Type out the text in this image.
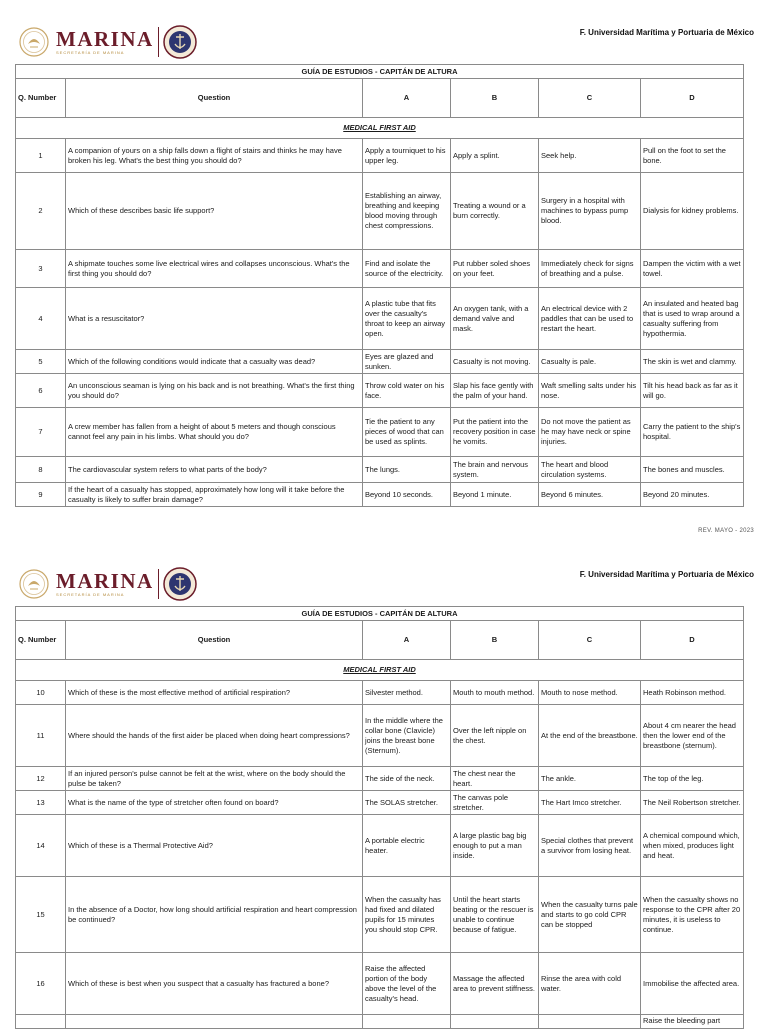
MARINA
SECRETARÍA DE MARINA
F. Universidad Marítima y Portuaria de México
GUÍA DE ESTUDIOS - CAPITÁN DE ALTURA					
Q. Number	Question	A	B	C	D
MEDICAL FIRST AID					
1	A companion of yours on a ship falls down a flight of stairs and thinks he may have broken his leg. What's the best thing you should do?	Apply a tourniquet to his upper leg.	Apply a splint.	Seek help.	Pull on the foot to set the bone.
2	Which of these describes basic life support?	Establishing an airway, breathing and keeping blood moving through chest compressions.	Treating a wound or a burn correctly.	Surgery in a hospital with machines to bypass pump blood.	Dialysis for kidney problems.
3	A shipmate touches some live electrical wires and collapses unconscious. What's the first thing you should do?	Find and isolate the source of the electricity.	Put rubber soled shoes on your feet.	Immediately check for signs of breathing and a pulse.	Dampen the victim with a wet towel.
4	What is a resuscitator?	A plastic tube that fits over the casualty's throat to keep an airway open.	An oxygen tank, with a demand valve and mask.	An electrical device with 2 paddles that can be used to restart the heart.	An insulated and heated bag that is used to wrap around a casualty suffering from hypothermia.
5	Which of the following conditions would indicate that a casualty was dead?	Eyes are glazed and sunken.	Casualty is not moving.	Casualty is pale.	The skin is wet and clammy.
6	An unconscious seaman is lying on his back and is not breathing. What's the first thing you should do?	Throw cold water on his face.	Slap his face gently with the palm of your hand.	Waft smelling salts under his nose.	Tilt his head back as far as it will go.
7	A crew member has fallen from a height of about 5 meters and though conscious cannot feel any pain in his limbs. What should you do?	Tie the patient to any pieces of wood that can be used as splints.	Put the patient into the recovery position in case he vomits.	Do not move the patient as he may have neck or spine injuries.	Carry the patient to the ship's hospital.
8	The cardiovascular system refers to what parts of the body?	The lungs.	The brain and nervous system.	The heart and blood circulation systems.	The bones and muscles.
9	If the heart of a casualty has stopped, approximately how long will it take before the casualty is likely to suffer brain damage?	Beyond 10 seconds.	Beyond 1 minute.	Beyond 6 minutes.	Beyond 20 minutes.
REV. MAYO - 2023
MARINA
SECRETARÍA DE MARINA
F. Universidad Marítima y Portuaria de México
GUÍA DE ESTUDIOS - CAPITÁN DE ALTURA					
Q. Number	Question	A	B	C	D
MEDICAL FIRST AID					
10	Which of these is the most effective method of artificial respiration?	Silvester method.	Mouth to mouth method.	Mouth to nose method.	Heath Robinson method.
11	Where should the hands of the first aider be placed when doing heart compressions?	In the middle where the collar bone (Clavicle) joins the breast bone (Sternum).	Over the left nipple on the chest.	At the end of the breastbone.	About 4 cm nearer the head then the lower end of the breastbone (sternum).
12	If an injured person's pulse cannot be felt at the wrist, where on the body should the pulse be taken?	The side of the neck.	The chest near the heart.	The ankle.	The top of the leg.
13	What is the name of the type of stretcher often found on board?	The SOLAS stretcher.	The canvas pole stretcher.	The Hart Imco stretcher.	The Neil Robertson stretcher.
14	Which of these is a Thermal Protective Aid?	A portable electric heater.	A large plastic bag big enough to put a man inside.	Special clothes that prevent a survivor from losing heat.	A chemical compound which, when mixed, produces light and heat.
15	In the absence of a Doctor, how long should artificial respiration and heart compression be continued?	When the casualty has had fixed and dilated pupils for 15 minutes you should stop CPR.	Until the heart starts beating or the rescuer is unable to continue because of fatigue.	When the casualty turns pale and starts to go cold CPR can be stopped	When the casualty shows no response to the CPR after 20 minutes, it is useless to continue.
16	Which of these is best when you suspect that a casualty has fractured a bone?	Raise the affected portion of the body above the level of the casualty's head.	Massage the affected area to prevent stiffness.	Rinse the area with cold water.	Immobilise the affected area.
					Raise the bleeding part
